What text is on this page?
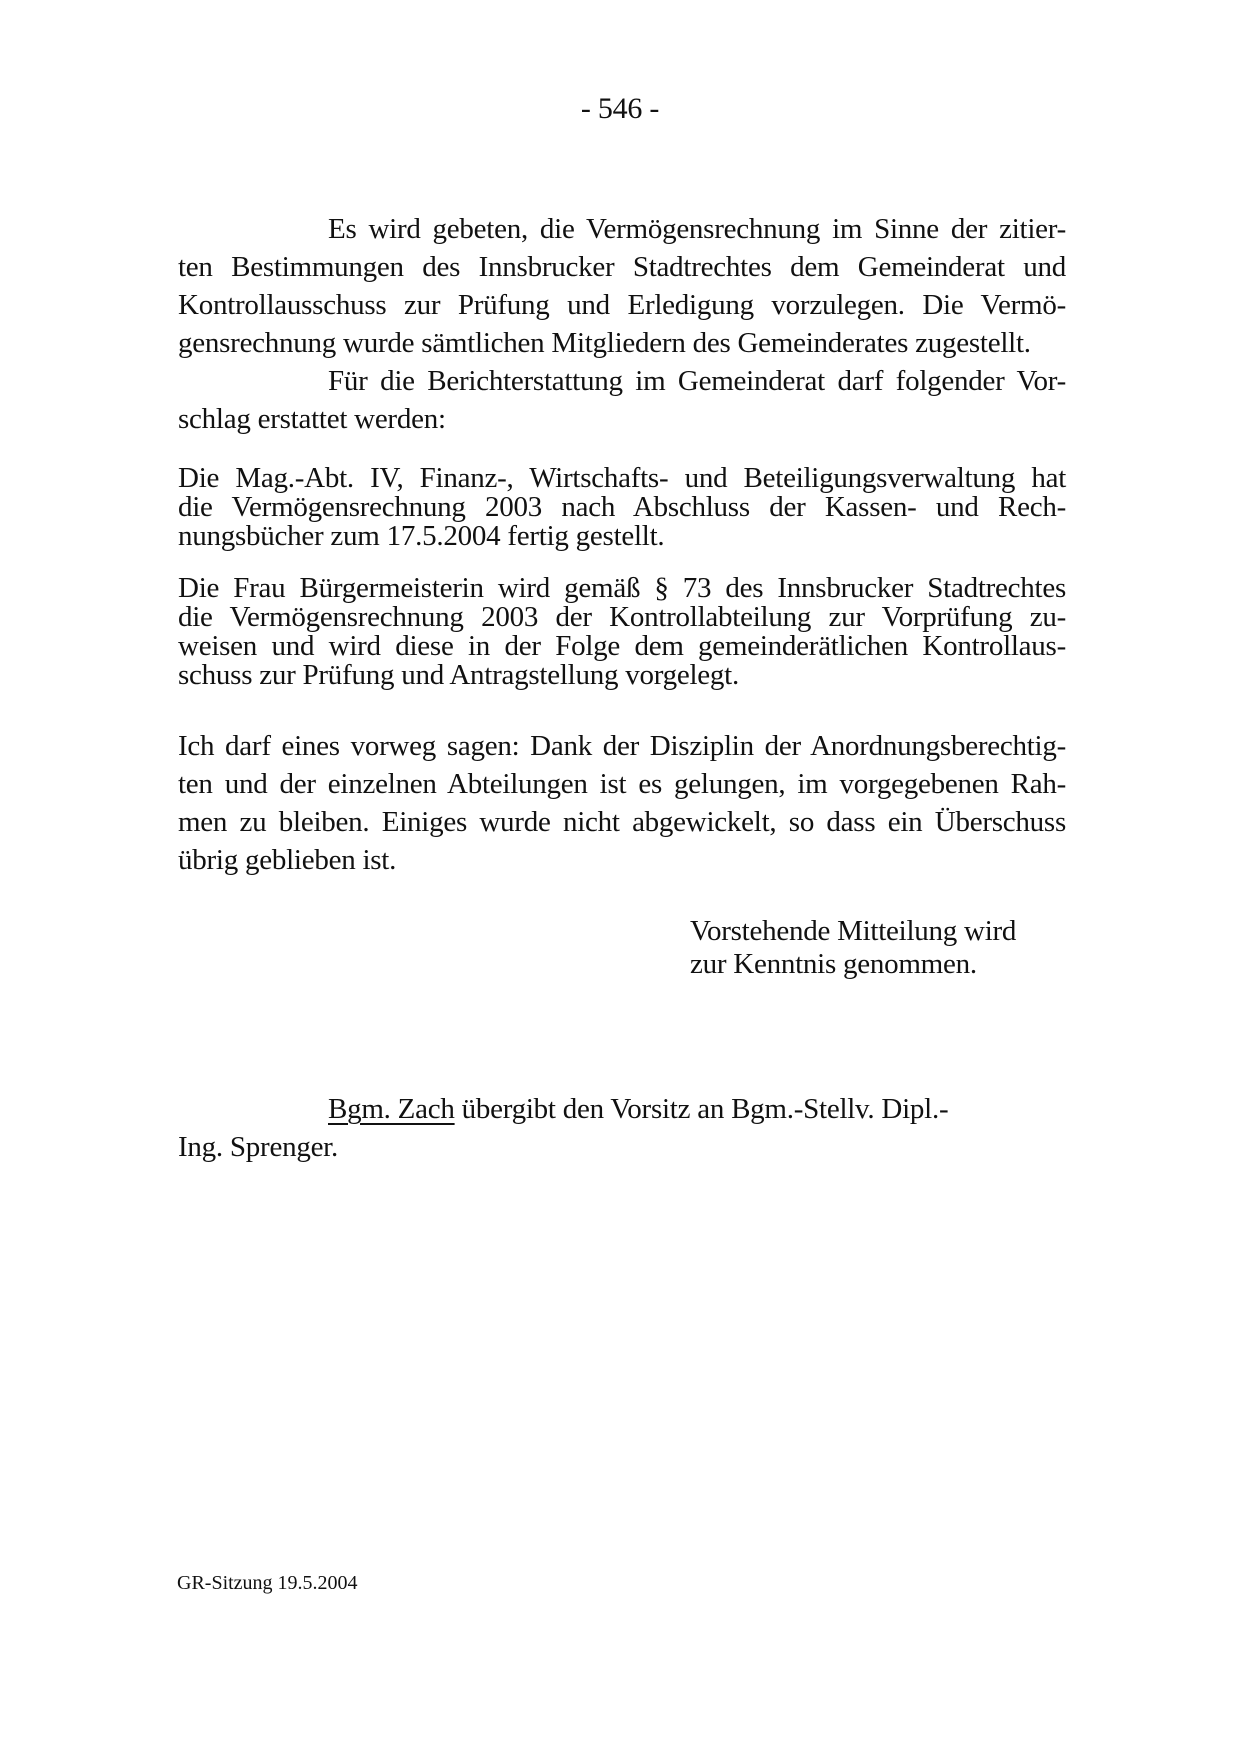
- 546 -
Es wird gebeten, die Vermögensrechnung im Sinne der zitier-
ten Bestimmungen des Innsbrucker Stadtrechtes dem Gemeinderat und
Kontrollausschuss zur Prüfung und Erledigung vorzulegen. Die Vermö-
gensrechnung wurde sämtlichen Mitgliedern des Gemeinderates zugestellt.
Für die Berichterstattung im Gemeinderat darf folgender Vor-
schlag erstattet werden:
Die Mag.-Abt. IV, Finanz-, Wirtschafts- und Beteiligungsverwaltung hat
die Vermögensrechnung 2003 nach Abschluss der Kassen- und Rech-
nungsbücher zum 17.5.2004 fertig gestellt.
Die Frau Bürgermeisterin wird gemäß § 73 des Innsbrucker Stadtrechtes
die Vermögensrechnung 2003 der Kontrollabteilung zur Vorprüfung zu-
weisen und wird diese in der Folge dem gemeinderätlichen Kontrollaus-
schuss zur Prüfung und Antragstellung vorgelegt.
Ich darf eines vorweg sagen: Dank der Disziplin der Anordnungsberechtig-
ten und der einzelnen Abteilungen ist es gelungen, im vorgegebenen Rah-
men zu bleiben. Einiges wurde nicht abgewickelt, so dass ein Überschuss
übrig geblieben ist.
Vorstehende Mitteilung wird
zur Kenntnis genommen.
Bgm. Zach übergibt den Vorsitz an Bgm.-Stellv. Dipl.-
Ing. Sprenger.
GR-Sitzung 19.5.2004
